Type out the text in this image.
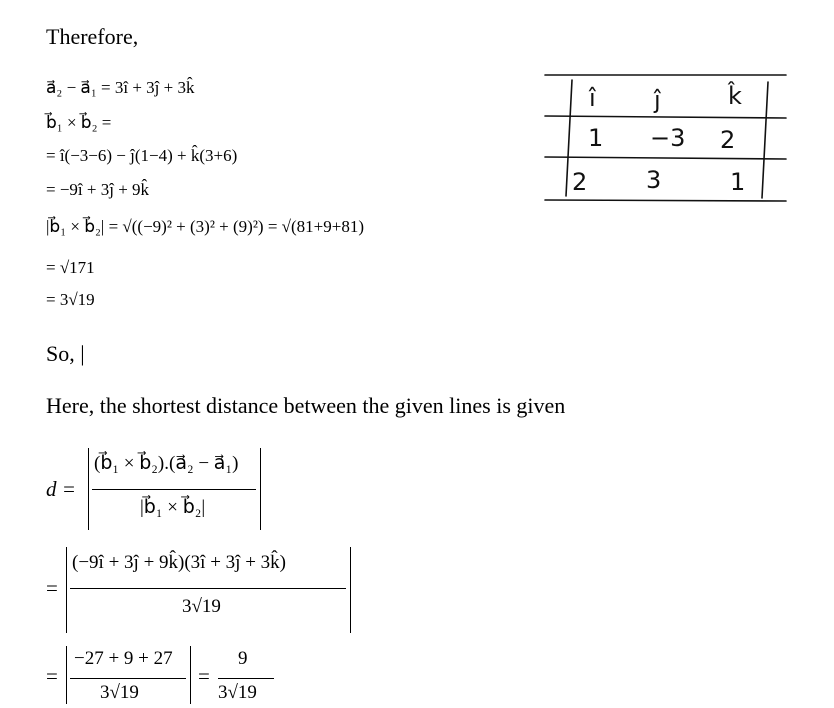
Therefore,
a⃗₂ − a⃗₁ = 3î + 3ĵ + 3k̂
b⃗₁ × b⃗₂ =
= î(−3−6) − ĵ(1−4) + k̂(3+6)
= −9î + 3ĵ + 9k̂
|b⃗₁ × b⃗₂| = √((−9)² + (3)² + (9)²) = √(81+9+81)
= √171
= 3√19
So, |
Here, the shortest distance between the given lines is given
d =
(b⃗₁ × b⃗₂).(a⃗₂ − a⃗₁)
|b⃗₁ × b⃗₂|
=
(−9î + 3ĵ + 9k̂)(3î + 3ĵ + 3k̂)
3√19
=
−27 + 9 + 27
3√19
=
9
3√19
î ĵ	k̂
1 −3 2
2 3	1
